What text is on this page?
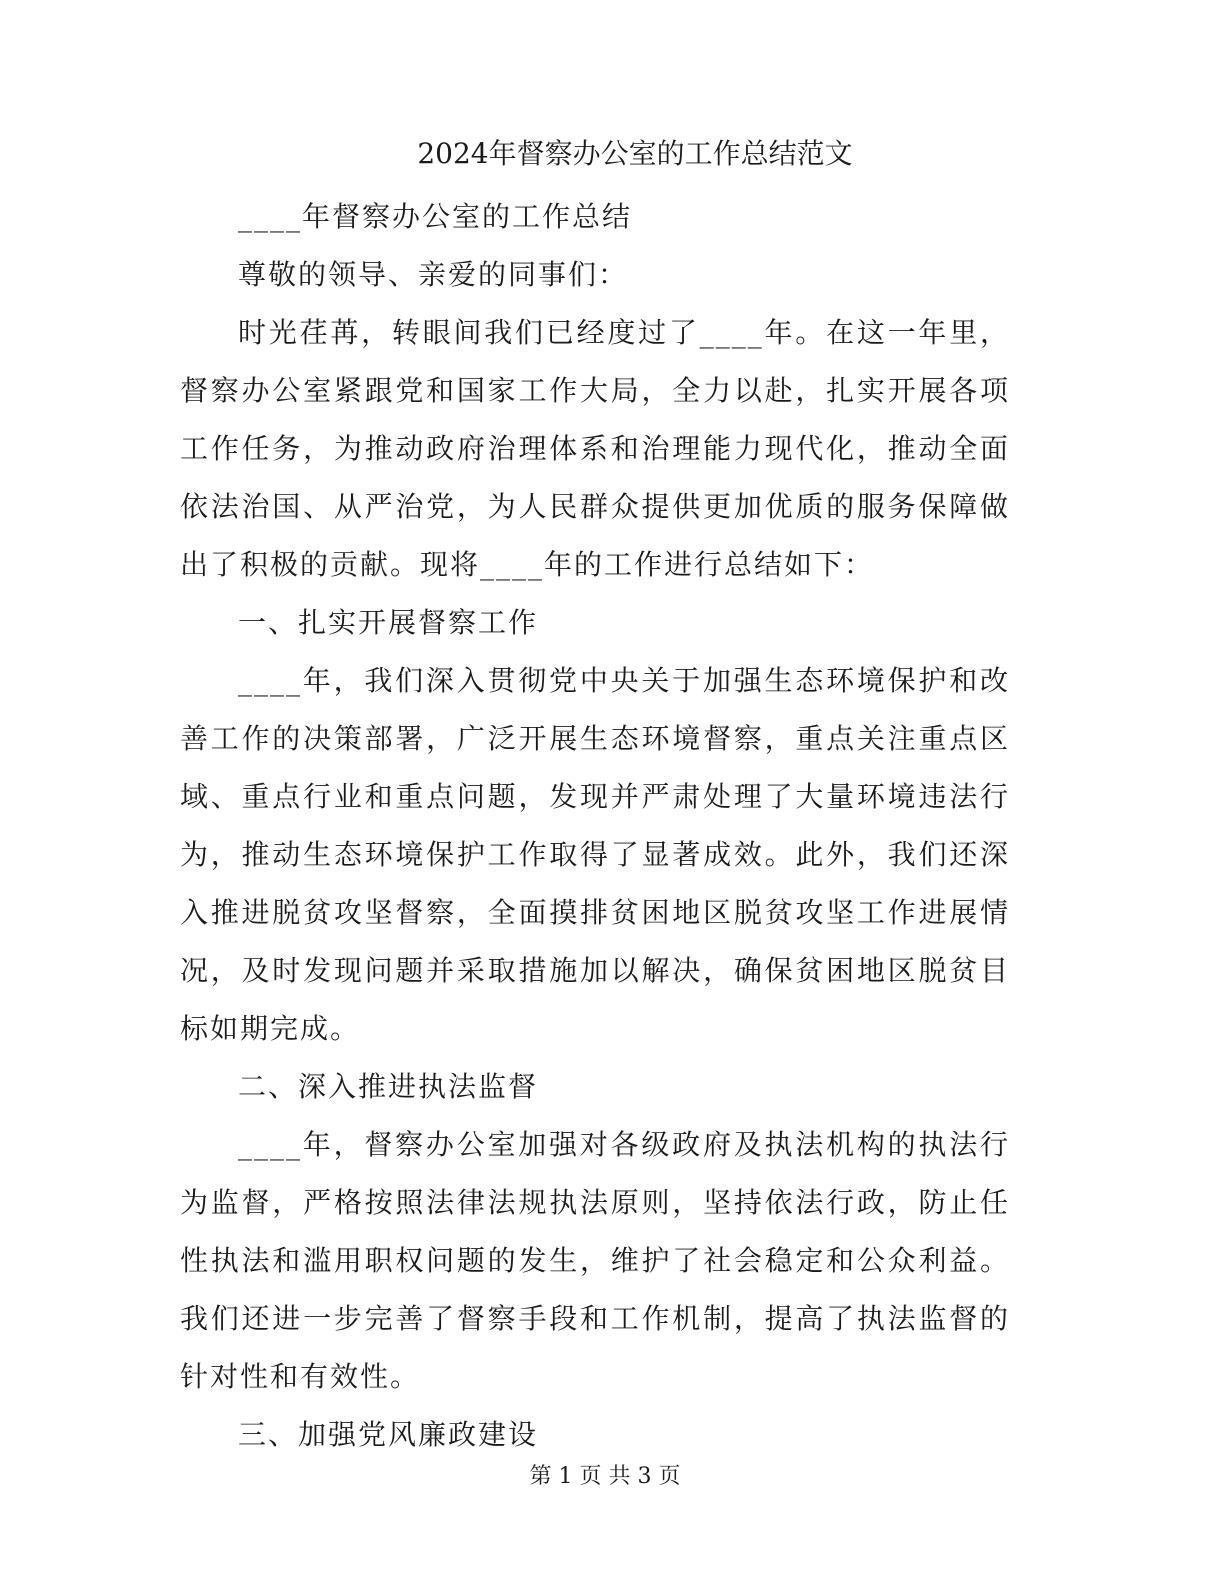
2024年督察办公室的工作总结范文

____年督察办公室的工作总结

尊敬的领导、亲爱的同事们：

时光荏苒，转眼间我们已经度过了____年。在这一年里，督察办公室紧跟党和国家工作大局，全力以赴，扎实开展各项工作任务，为推动政府治理体系和治理能力现代化，推动全面依法治国、从严治党，为人民群众提供更加优质的服务保障做出了积极的贡献。现将____年的工作进行总结如下：

一、扎实开展督察工作

____年，我们深入贯彻党中央关于加强生态环境保护和改善工作的决策部署，广泛开展生态环境督察，重点关注重点区域、重点行业和重点问题，发现并严肃处理了大量环境违法行为，推动生态环境保护工作取得了显著成效。此外，我们还深入推进脱贫攻坚督察，全面摸排贫困地区脱贫攻坚工作进展情况，及时发现问题并采取措施加以解决，确保贫困地区脱贫目标如期完成。

二、深入推进执法监督

____年，督察办公室加强对各级政府及执法机构的执法行为监督，严格按照法律法规执法原则，坚持依法行政，防止任性执法和滥用职权问题的发生，维护了社会稳定和公众利益。我们还进一步完善了督察手段和工作机制，提高了执法监督的针对性和有效性。

三、加强党风廉政建设

第 1 页 共 3 页
